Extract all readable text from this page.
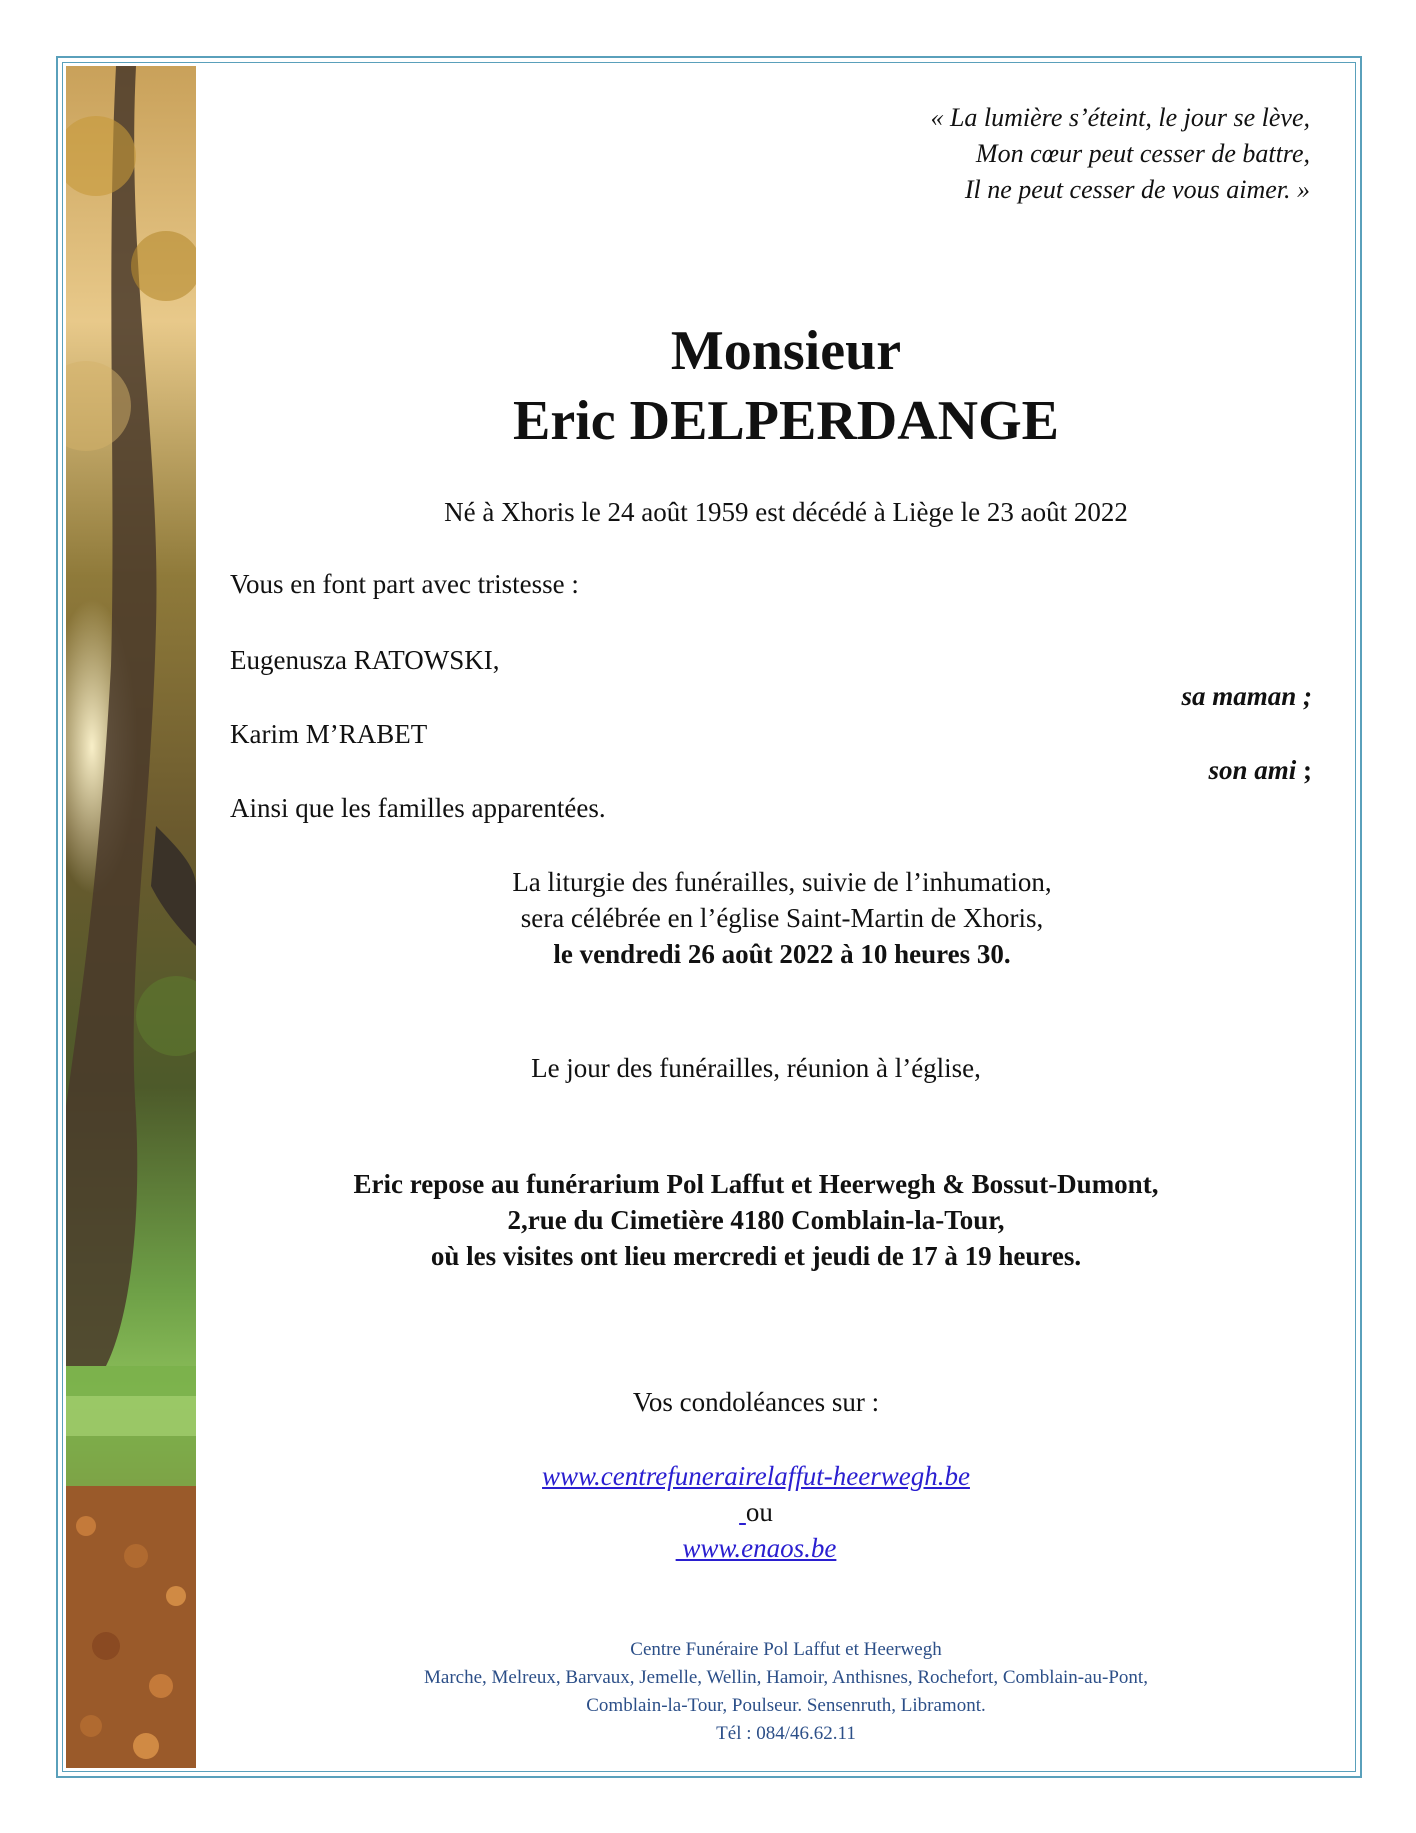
« La lumière s’éteint, le jour se lève,
Mon cœur peut cesser de battre,
Il ne peut cesser de vous aimer. »
Monsieur
Eric DELPERDANGE
Né à Xhoris le 24 août 1959 est décédé à Liège le 23 août 2022
Vous en font part avec tristesse :
Eugenusza RATOWSKI,
sa maman ;
Karim M’RABET
son ami ;
Ainsi que les familles apparentées.
La liturgie des funérailles, suivie de l’inhumation,
sera célébrée en l’église Saint-Martin de Xhoris,
le vendredi 26 août 2022 à 10 heures 30.
Le jour des funérailles, réunion à l’église,
Eric repose au funérarium Pol Laffut et Heerwegh & Bossut-Dumont,
2,rue du Cimetière 4180 Comblain-la-Tour,
où les visites ont lieu mercredi et jeudi de 17 à 19 heures.
Vos condoléances sur :
www.centrefunerairelaffut-heerwegh.be
ou
www.enaos.be
Centre Funéraire Pol Laffut et Heerwegh
Marche, Melreux, Barvaux, Jemelle, Wellin, Hamoir, Anthisnes, Rochefort, Comblain-au-Pont,
Comblain-la-Tour, Poulseur. Sensenruth, Libramont.
Tél : 084/46.62.11
